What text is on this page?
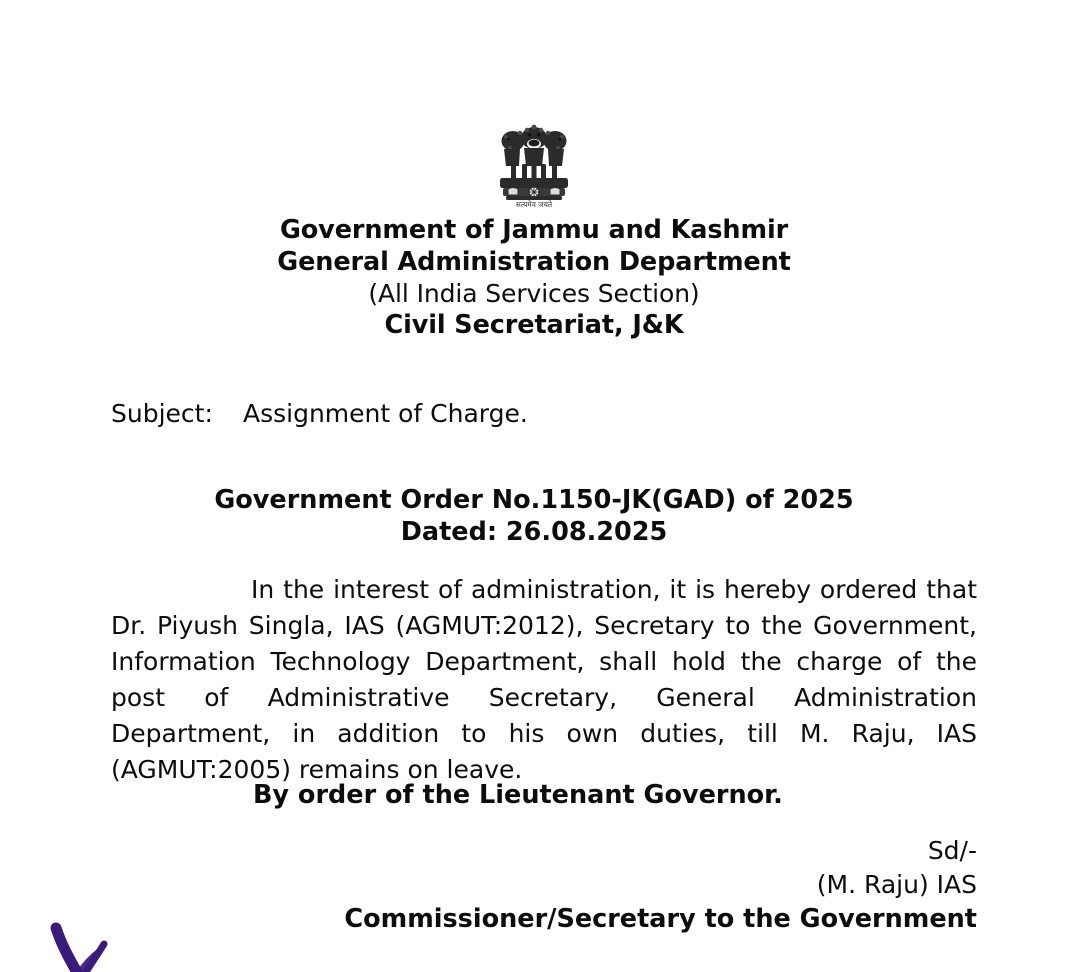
सत्यमेव जयते
Government of Jammu and Kashmir
General Administration Department
(All India Services Section)
Civil Secretariat, J&K
Subject: Assignment of Charge.
Government Order No.1150-JK(GAD) of 2025
Dated: 26.08.2025

In the interest of administration, it is hereby ordered that Dr. Piyush Singla, IAS (AGMUT:2012), Secretary to the Government, Information Technology Department, shall hold the charge of the post of Administrative Secretary, General Administration Department, in addition to his own duties, till M. Raju, IAS (AGMUT:2005) remains on leave.

By order of the Lieutenant Governor.
Sd/-
(M. Raju) IAS
Commissioner/Secretary to the Government
